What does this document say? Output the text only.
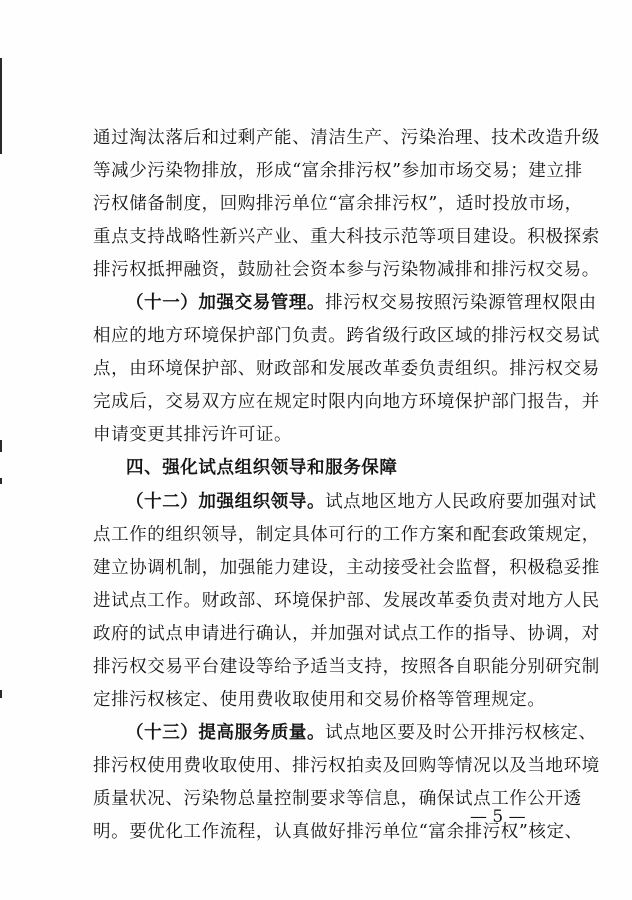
通过淘汰落后和过剩产能、清洁生产、污染治理、技术改造升级
等减少污染物排放，形成“富余排污权”参加市场交易；建立排
污权储备制度，回购排污单位“富余排污权”，适时投放市场，
重点支持战略性新兴产业、重大科技示范等项目建设。积极探索
排污权抵押融资，鼓励社会资本参与污染物减排和排污权交易。
（十一）加强交易管理。排污权交易按照污染源管理权限由
相应的地方环境保护部门负责。跨省级行政区域的排污权交易试
点，由环境保护部、财政部和发展改革委负责组织。排污权交易
完成后，交易双方应在规定时限内向地方环境保护部门报告，并
申请变更其排污许可证。
四、强化试点组织领导和服务保障
（十二）加强组织领导。试点地区地方人民政府要加强对试
点工作的组织领导，制定具体可行的工作方案和配套政策规定，
建立协调机制，加强能力建设，主动接受社会监督，积极稳妥推
进试点工作。财政部、环境保护部、发展改革委负责对地方人民
政府的试点申请进行确认，并加强对试点工作的指导、协调，对
排污权交易平台建设等给予适当支持，按照各自职能分别研究制
定排污权核定、使用费收取使用和交易价格等管理规定。
（十三）提高服务质量。试点地区要及时公开排污权核定、
排污权使用费收取使用、排污权拍卖及回购等情况以及当地环境
质量状况、污染物总量控制要求等信息，确保试点工作公开透
明。要优化工作流程，认真做好排污单位“富余排污权”核定、
— 5 —
